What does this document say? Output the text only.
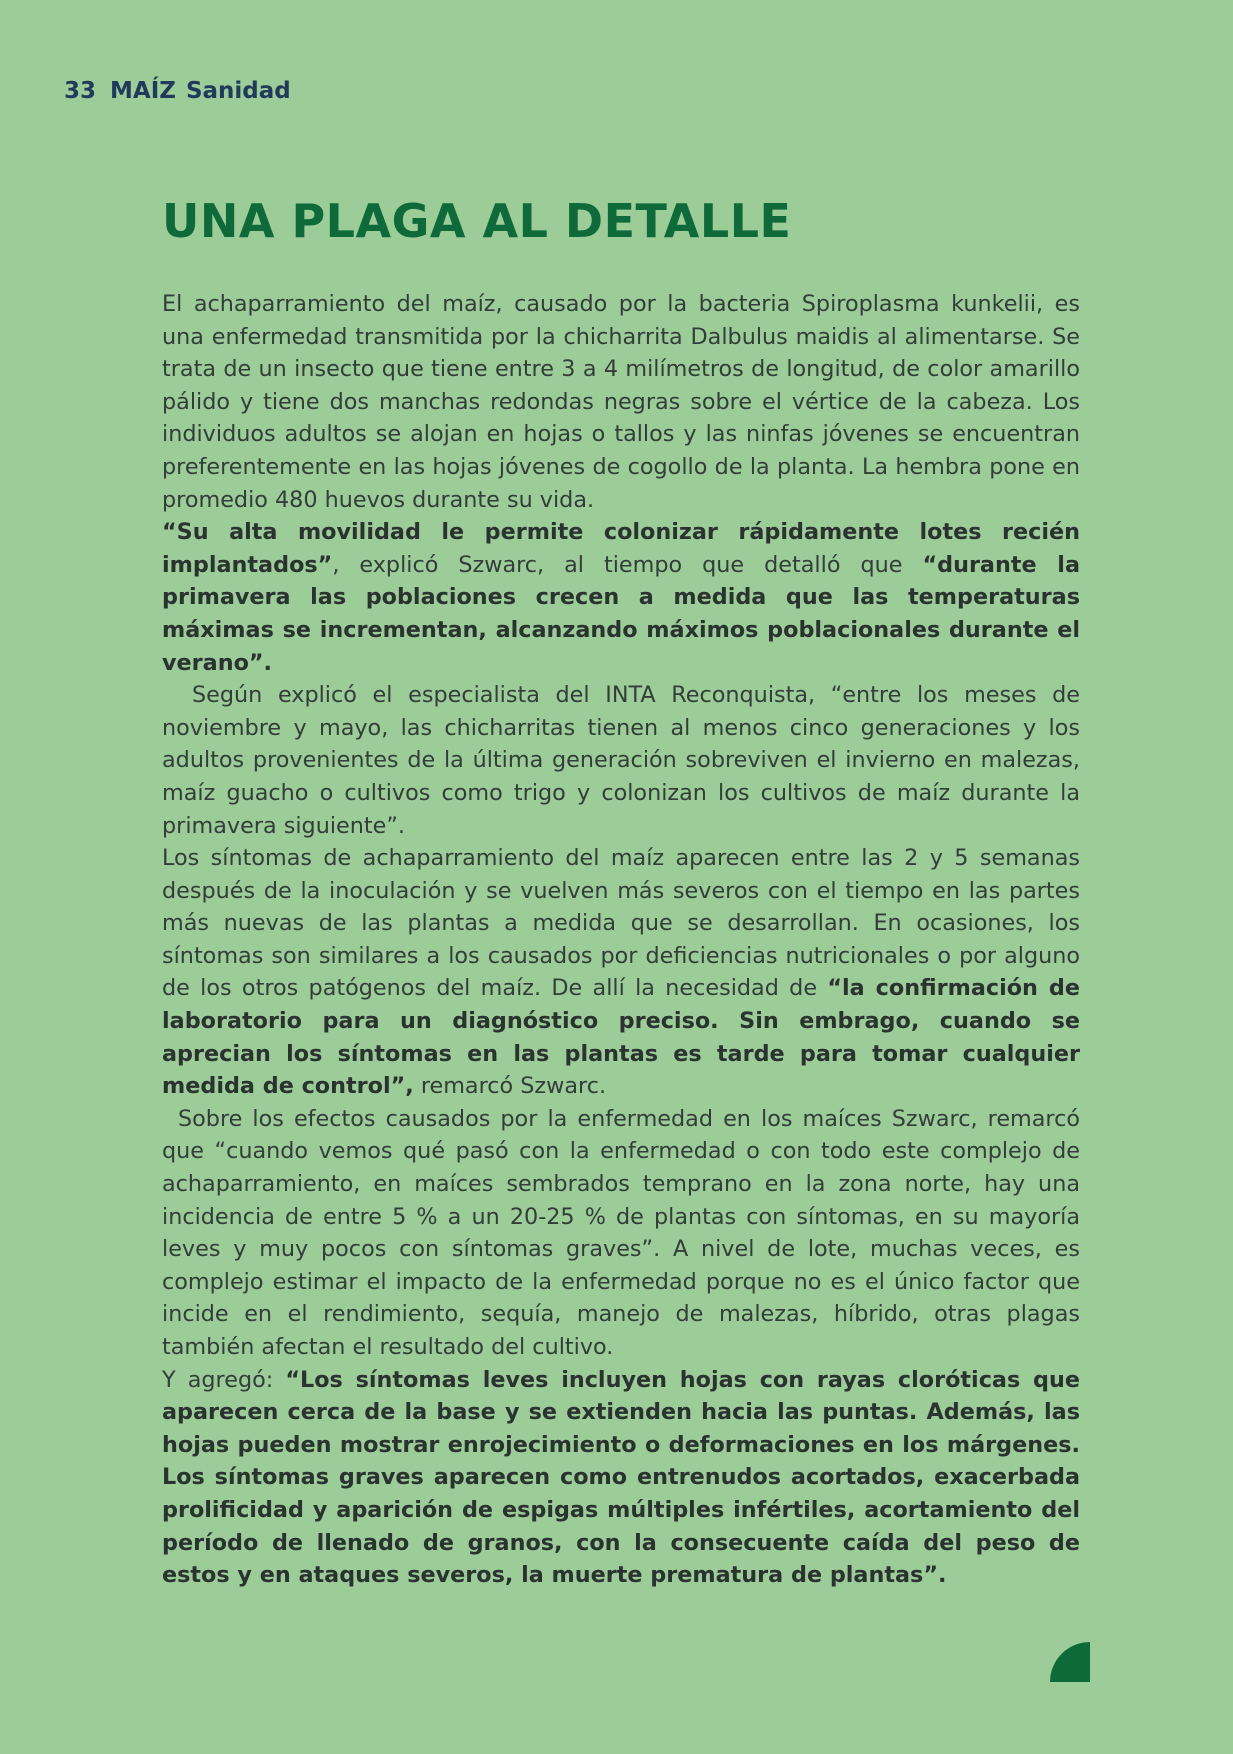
33 MAÍZ Sanidad
UNA PLAGA AL DETALLE

El achaparramiento del maíz, causado por la bacteria Spiroplasma kunkelii, es una enfermedad transmitida por la chicharrita Dalbulus maidis al alimentarse. Se trata de un insecto que tiene entre 3 a 4 milímetros de longitud, de color amarillo pálido y tiene dos manchas redondas negras sobre el vértice de la cabeza. Los individuos adultos se alojan en hojas o tallos y las ninfas jóvenes se encuentran preferentemente en las hojas jóvenes de cogollo de la planta. La hembra pone en promedio 480 huevos durante su vida.

“Su alta movilidad le permite colonizar rápidamente lotes recién implantados”, explicó Szwarc, al tiempo que detalló que “durante la primavera las poblaciones crecen a medida que las temperaturas máximas se incrementan, alcanzando máximos poblacionales durante el verano”.

Según explicó el especialista del INTA Reconquista, “entre los meses de noviembre y mayo, las chicharritas tienen al menos cinco generaciones y los adultos provenientes de la última generación sobreviven el invierno en malezas, maíz guacho o cultivos como trigo y colonizan los cultivos de maíz durante la primavera siguiente”.

Los síntomas de achaparramiento del maíz aparecen entre las 2 y 5 semanas después de la inoculación y se vuelven más severos con el tiempo en las partes más nuevas de las plantas a medida que se desarrollan. En ocasiones, los síntomas son similares a los causados por deficiencias nutricionales o por alguno de los otros patógenos del maíz. De allí la necesidad de “la confirmación de laboratorio para un diagnóstico preciso. Sin embrago, cuando se aprecian los síntomas en las plantas es tarde para tomar cualquier medida de control”, remarcó Szwarc.

Sobre los efectos causados por la enfermedad en los maíces Szwarc, remarcó que “cuando vemos qué pasó con la enfermedad o con todo este complejo de achaparramiento, en maíces sembrados temprano en la zona norte, hay una incidencia de entre 5 % a un 20-25 % de plantas con síntomas, en su mayoría leves y muy pocos con síntomas graves”. A nivel de lote, muchas veces, es complejo estimar el impacto de la enfermedad porque no es el único factor que incide en el rendimiento, sequía, manejo de malezas, híbrido, otras plagas también afectan el resultado del cultivo.

Y agregó: “Los síntomas leves incluyen hojas con rayas cloróticas que aparecen cerca de la base y se extienden hacia las puntas. Además, las hojas pueden mostrar enrojecimiento o deformaciones en los márgenes. Los síntomas graves aparecen como entrenudos acortados, exacerbada prolificidad y aparición de espigas múltiples infértiles, acortamiento del período de llenado de granos, con la consecuente caída del peso de estos y en ataques severos, la muerte prematura de plantas”.
